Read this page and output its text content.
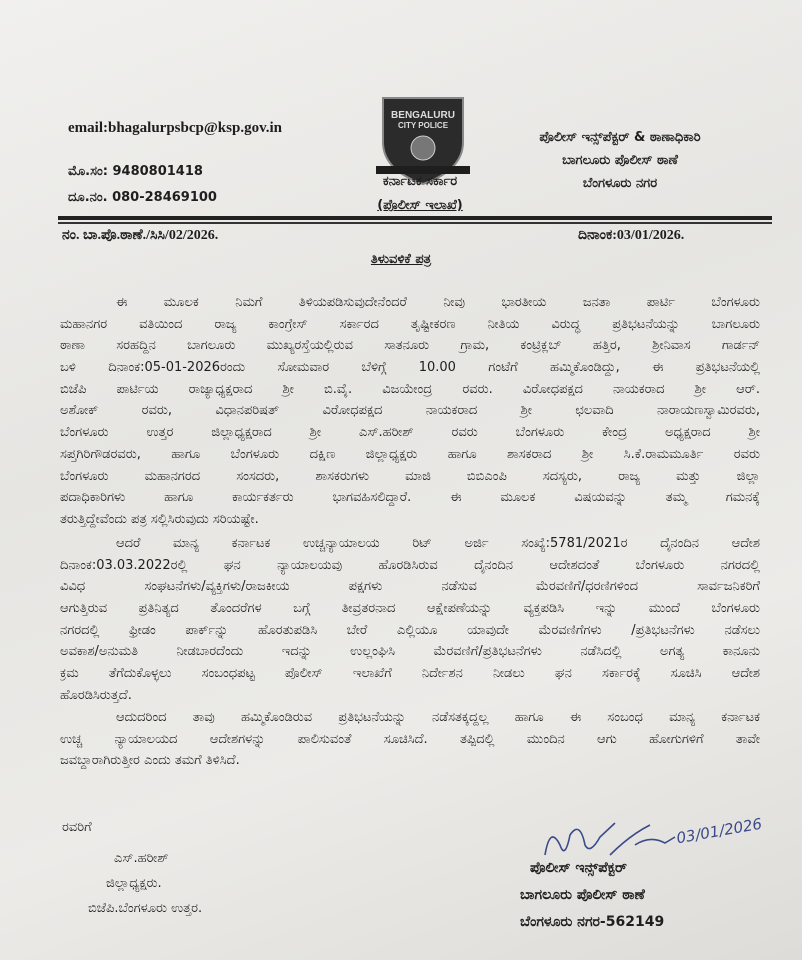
email:bhagalurpsbcp@ksp.gov.in
ಮೊ.ಸಂ: 9480801418
ದೂ.ನಂ. 080-28469100
BENGALURU
CITY POLICE
ಕರ್ನಾಟಕ ಸರ್ಕಾರ
(ಪೊಲೀಸ್ ಇಲಾಖೆ)
ಪೊಲೀಸ್ ಇನ್ಸ್‌ಪೆಕ್ಟರ್ & ಠಾಣಾಧಿಕಾರಿ
ಬಾಗಲೂರು ಪೊಲೀಸ್ ಠಾಣೆ
ಬೆಂಗಳೂರು ನಗರ
ನಂ. ಬಾ.ಪೊ.ಠಾಣೆ./ಸಿಸಿ/02/2026.	ದಿನಾಂಕ:03/01/2026.
ತಿಳುವಳಿಕೆ ಪತ್ರ
ಈ ಮೂಲಕ ನಿಮಗೆ ತಿಳಿಯಪಡಿಸುವುದೇನೆಂದರೆ ನೀವು ಭಾರತೀಯ ಜನತಾ ಪಾರ್ಟಿ ಬೆಂಗಳೂರು
ಮಹಾನಗರ ವತಿಯಿಂದ ರಾಜ್ಯ ಕಾಂಗ್ರೇಸ್ ಸರ್ಕಾರದ ತೃಷ್ಟೀಕರಣ ನೀತಿಯ ವಿರುದ್ಧ ಪ್ರತಿಭಟನೆಯನ್ನು ಬಾಗಲೂರು
ಠಾಣಾ ಸರಹದ್ದಿನ ಬಾಗಲೂರು ಮುಖ್ಯರಸ್ತೆಯಲ್ಲಿರುವ ಸಾತನೂರು ಗ್ರಾಮ, ಕಂಟ್ರಿಕ್ಲಬ್ ಹತ್ತಿರ, ಶ್ರೀನಿವಾಸ ಗಾರ್ಡನ್
ಬಳಿ ದಿನಾಂಕ:05-01-2026ರಂದು ಸೋಮವಾರ ಬೆಳಿಗ್ಗೆ 10.00 ಗಂಟೆಗೆ ಹಮ್ಮಿಕೊಂಡಿದ್ದು, ಈ ಪ್ರತಿಭಟನೆಯಲ್ಲಿ
ಬಿಜೆಪಿ ಪಾರ್ಟಿಯ ರಾಜ್ಯಾಧ್ಯಕ್ಷರಾದ ಶ್ರೀ ಬಿ.ವೈ. ವಿಜಯೇಂದ್ರ ರವರು. ವಿರೋಧಪಕ್ಷದ ನಾಯಕರಾದ ಶ್ರೀ ಆರ್.
ಅಶೋಕ್ ರವರು, ವಿಧಾನಪರಿಷತ್ ವಿರೋಧಪಕ್ಷದ ನಾಯಕರಾದ ಶ್ರೀ ಛಲವಾದಿ ನಾರಾಯಣಸ್ವಾಮಿರವರು,
ಬೆಂಗಳೂರು ಉತ್ತರ ಜಿಲ್ಲಾಧ್ಯಕ್ಷರಾದ ಶ್ರೀ ಎಸ್.ಹರೀಶ್ ರವರು ಬೆಂಗಳೂರು ಕೇಂದ್ರ ಅಧ್ಯಕ್ಷರಾದ ಶ್ರೀ
ಸಪ್ತಗಿರಿಗೌಡರವರು, ಹಾಗೂ ಬೆಂಗಳೂರು ದಕ್ಷಿಣ ಜಿಲ್ಲಾಧ್ಯಕ್ಷರು ಹಾಗೂ ಶಾಸಕರಾದ ಶ್ರೀ ಸಿ.ಕೆ.ರಾಮಮೂರ್ತಿ ರವರು
ಬೆಂಗಳೂರು ಮಹಾನಗರದ ಸಂಸದರು, ಶಾಸಕರುಗಳು ಮಾಜಿ ಬಿಬಿಎಂಪಿ ಸದಸ್ಯರು, ರಾಜ್ಯ ಮತ್ತು ಜಿಲ್ಲಾ
ಪದಾಧಿಕಾರಿಗಳು ಹಾಗೂ ಕಾರ್ಯಕರ್ತರು ಭಾಗವಹಿಸಲಿದ್ದಾರೆ. ಈ ಮೂಲಕ ವಿಷಯವನ್ನು ತಮ್ಮ ಗಮನಕ್ಕೆ
ತರುತ್ತಿದ್ದೇವೆಂದು ಪತ್ರ ಸಲ್ಲಿಸಿರುವುದು ಸರಿಯಷ್ಟೇ.
ಆದರೆ ಮಾನ್ಯ ಕರ್ನಾಟಕ ಉಚ್ಚನ್ಯಾಯಾಲಯ ರಿಟ್ ಅರ್ಜಿ ಸಂಖ್ಯೆ:5781/2021ರ ದೈನಂದಿನ ಆದೇಶ
ದಿನಾಂಕ:03.03.2022ರಲ್ಲಿ ಘನ ನ್ಯಾಯಾಲಯವು ಹೊರಡಿಸಿರುವ ದೈನಂದಿನ ಆದೇಶದಂತೆ ಬೆಂಗಳೂರು ನಗರದಲ್ಲಿ
ವಿವಿಧ ಸಂಘಟನೆಗಳು/ವ್ಯಕ್ತಿಗಳು/ರಾಜಕೀಯ ಪಕ್ಷಗಳು ನಡೆಸುವ ಮೆರವಣಿಗೆ/ಧರಣಿಗಳಿಂದ ಸಾರ್ವಜನಿಕರಿಗೆ
ಆಗುತ್ತಿರುವ ಪ್ರತಿನಿತ್ಯದ ತೊಂದರೆಗಳ ಬಗ್ಗೆ ತೀವ್ರತರನಾದ ಆಕ್ಷೇಪಣೆಯನ್ನು ವ್ಯಕ್ತಪಡಿಸಿ ಇನ್ನು ಮುಂದೆ ಬೆಂಗಳೂರು
ನಗರದಲ್ಲಿ ಫ್ರೀಡಂ ಪಾರ್ಕ್‌ನ್ನು ಹೊರತುಪಡಿಸಿ ಬೇರೆ ಎಲ್ಲಿಯೂ ಯಾವುದೇ ಮೆರವಣಿಗೆಗಳು /ಪ್ರತಿಭಟನೆಗಳು ನಡೆಸಲು
ಅವಕಾಶ/ಅನುಮತಿ ನೀಡಬಾರದೆಂದು ಇದನ್ನು ಉಲ್ಲಂಘಿಸಿ ಮೆರವಣಿಗೆ/ಪ್ರತಿಭಟನೆಗಳು ನಡೆಸಿದಲ್ಲಿ ಅಗತ್ಯ ಕಾನೂನು
ಕ್ರಮ ತೆಗೆದುಕೊಳ್ಳಲು ಸಂಬಂಧಪಟ್ಟ ಪೊಲೀಸ್ ಇಲಾಖೆಗೆ ನಿರ್ದೇಶನ ನೀಡಲು ಘನ ಸರ್ಕಾರಕ್ಕೆ ಸೂಚಿಸಿ ಆದೇಶ
ಹೊರಡಿಸಿರುತ್ತದೆ.
ಆದುದರಿಂದ ತಾವು ಹಮ್ಮಿಕೊಂಡಿರುವ ಪ್ರತಿಭಟನೆಯನ್ನು ನಡೆಸತಕ್ಕದ್ದಲ್ಲ ಹಾಗೂ ಈ ಸಂಬಂಧ ಮಾನ್ಯ ಕರ್ನಾಟಕ
ಉಚ್ಚ ನ್ಯಾಯಾಲಯದ ಆದೇಶಗಳನ್ನು ಪಾಲಿಸುವಂತೆ ಸೂಚಿಸಿದೆ. ತಪ್ಪಿದಲ್ಲಿ ಮುಂದಿನ ಆಗು ಹೋಗುಗಳಿಗೆ ತಾವೇ
ಜವಬ್ದಾರಾಗಿರುತ್ತೀರ ಎಂದು ತಮಗೆ ತಿಳಿಸಿದೆ.
ರವರಿಗೆ
ಎಸ್.ಹರೀಶ್
ಜಿಲ್ಲಾಧ್ಯಕ್ಷರು.
ಬಿಜೆಪಿ.ಬೆಂಗಳೂರು ಉತ್ತರ.
03/01/2026
ಪೊಲೀಸ್ ಇನ್ಸ್‌ಪೆಕ್ಟರ್
ಬಾಗಲೂರು ಪೊಲೀಸ್ ಠಾಣೆ
ಬೆಂಗಳೂರು ನಗರ-562149
